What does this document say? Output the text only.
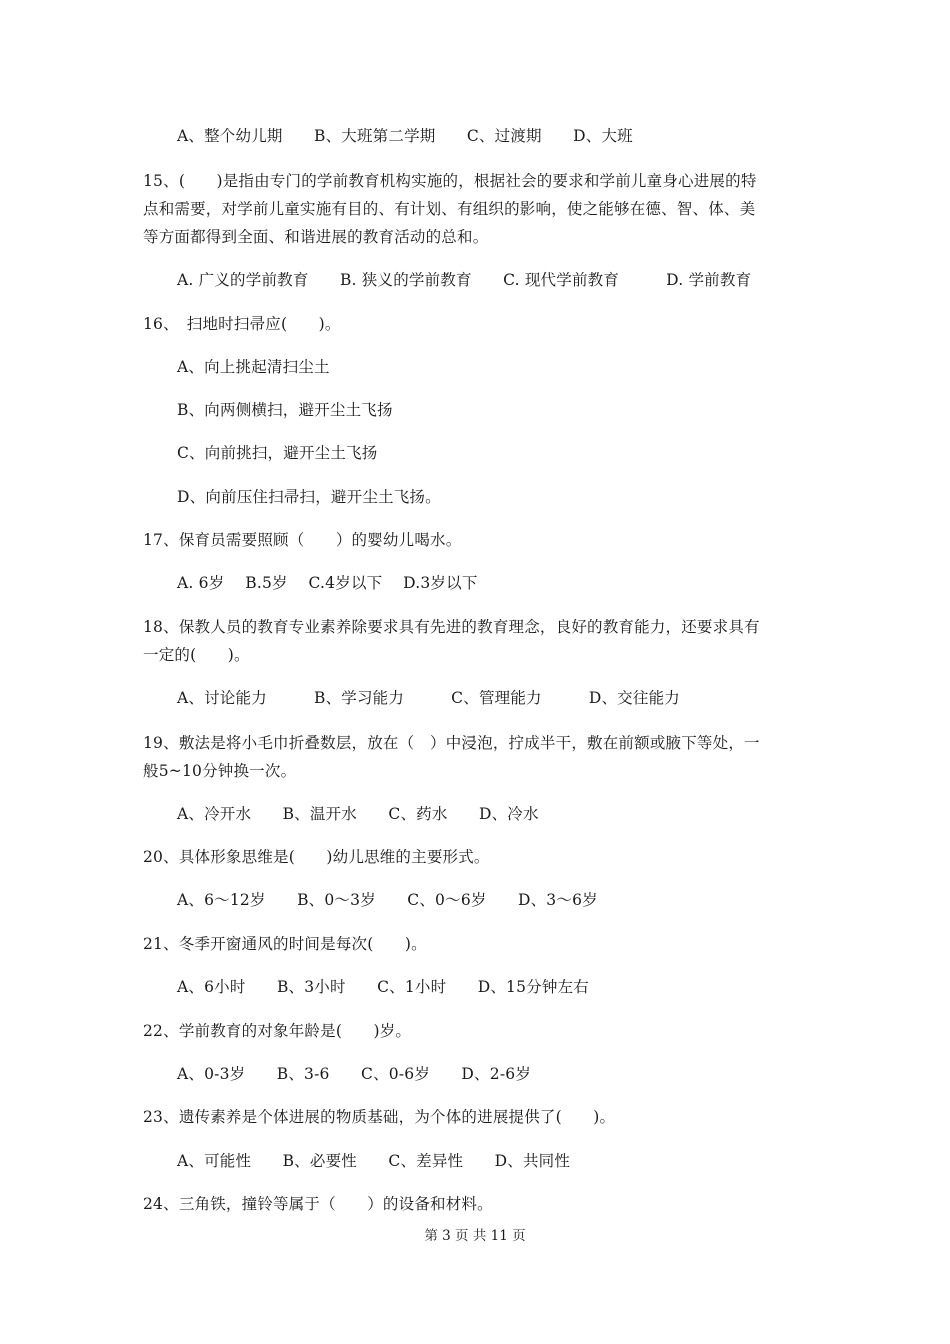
A、整个幼儿期　　B、大班第二学期　　C、过渡期　　D、大班
15、(　　)是指由专门的学前教育机构实施的，根据社会的要求和学前儿童身心进展的特
点和需要，对学前儿童实施有目的、有计划、有组织的影响，使之能够在德、智、体、美
等方面都得到全面、和谐进展的教育活动的总和。
A. 广义的学前教育　　B. 狭义的学前教育　　C. 现代学前教育　　　D. 学前教育
16、　扫地时扫帚应(　　)。
A、向上挑起清扫尘土
B、向两侧横扫，避开尘土飞扬
C、向前挑扫，避开尘土飞扬
D、向前压住扫帚扫，避开尘土飞扬。
17、保育员需要照顾（　　）的婴幼儿喝水。
A. 6岁　 B.5岁　 C.4岁以下　 D.3岁以下
18、保教人员的教育专业素养除要求具有先进的教育理念，良好的教育能力，还要求具有
一定的(　　)。
A、讨论能力　　　B、学习能力　　　C、管理能力　　　D、交往能力
19、敷法是将小毛巾折叠数层，放在（　）中浸泡，拧成半干，敷在前额或腋下等处，一
般5~10分钟换一次。
A、冷开水　　B、温开水　　C、药水　　D、冷水
20、具体形象思维是(　　)幼儿思维的主要形式。
A、6～12岁　　B、0～3岁　　C、0～6岁　　D、3～6岁
21、冬季开窗通风的时间是每次(　　)。
A、6小时　　B、3小时　　C、1小时　　D、15分钟左右
22、学前教育的对象年龄是(　　)岁。
A、0-3岁　　B、3-6　　C、0-6岁　　D、2-6岁
23、遗传素养是个体进展的物质基础，为个体的进展提供了(　　)。
A、可能性　　B、必要性　　C、差异性　　D、共同性
24、三角铁，撞铃等属于（　　）的设备和材料。
第 3 页 共 11 页
